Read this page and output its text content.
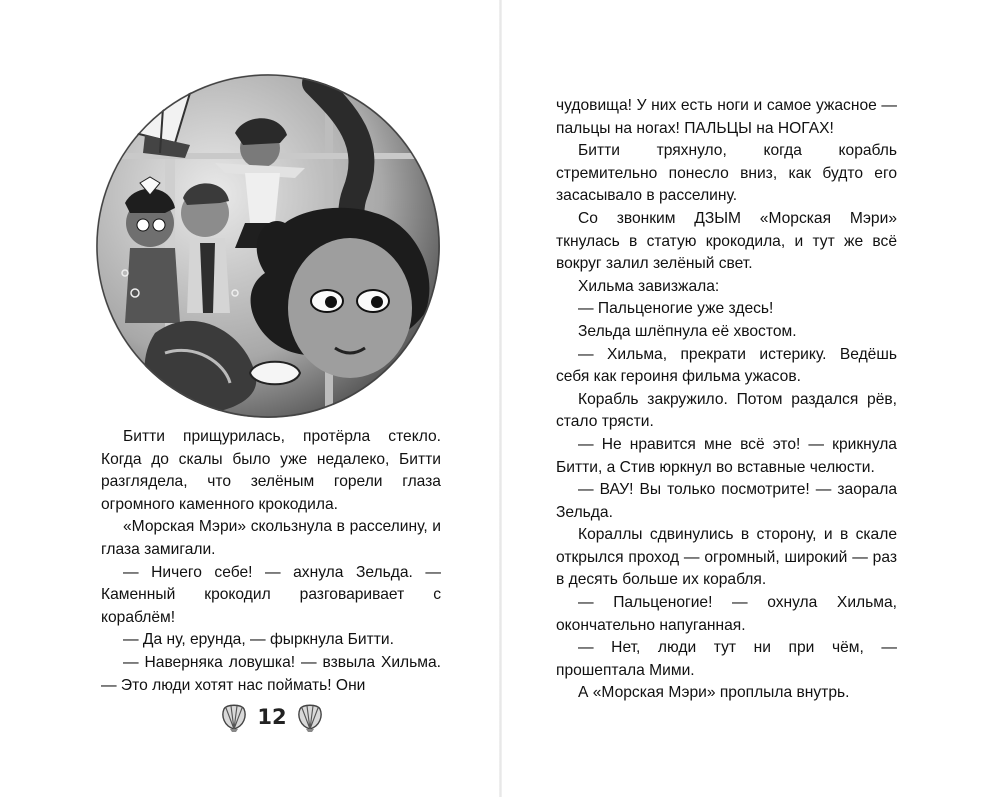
Битти прищурилась, протёрла стекло. Когда до скалы было уже недалеко, Битти разглядела, что зелёным горели глаза огромного каменного крокодила.

«Морская Мэри» скользнула в расселину, и глаза замигали.

— Ничего себе! — ахнула Зельда. — Каменный крокодил разговаривает с кораблём!

— Да ну, ерунда, — фыркнула Битти.

— Наверняка ловушка! — взвыла Хильма. — Это люди хотят нас поймать! Они

12

чудовища! У них есть ноги и самое ужасное — пальцы на ногах! ПАЛЬЦЫ на НОГАХ!

Битти тряхнуло, когда корабль стремительно понесло вниз, как будто его засасывало в расселину.

Со звонким ДЗЫМ «Морская Мэри» ткнулась в статую крокодила, и тут же всё вокруг залил зелёный свет.

Хильма завизжала:

— Пальценогие уже здесь!

Зельда шлёпнула её хвостом.

— Хильма, прекрати истерику. Ведёшь себя как героиня фильма ужасов.

Корабль закружило. Потом раздался рёв, стало трясти.

— Не нравится мне всё это! — крикнула Битти, а Стив юркнул во вставные челюсти.

— ВАУ! Вы только посмотрите! — заорала Зельда.

Кораллы сдвинулись в сторону, и в скале открылся проход — огромный, широкий — раз в десять больше их корабля.

— Пальценогие! — охнула Хильма, окончательно напуганная.

— Нет, люди тут ни при чём, — прошептала Мими.

А «Морская Мэри» проплыла внутрь.
